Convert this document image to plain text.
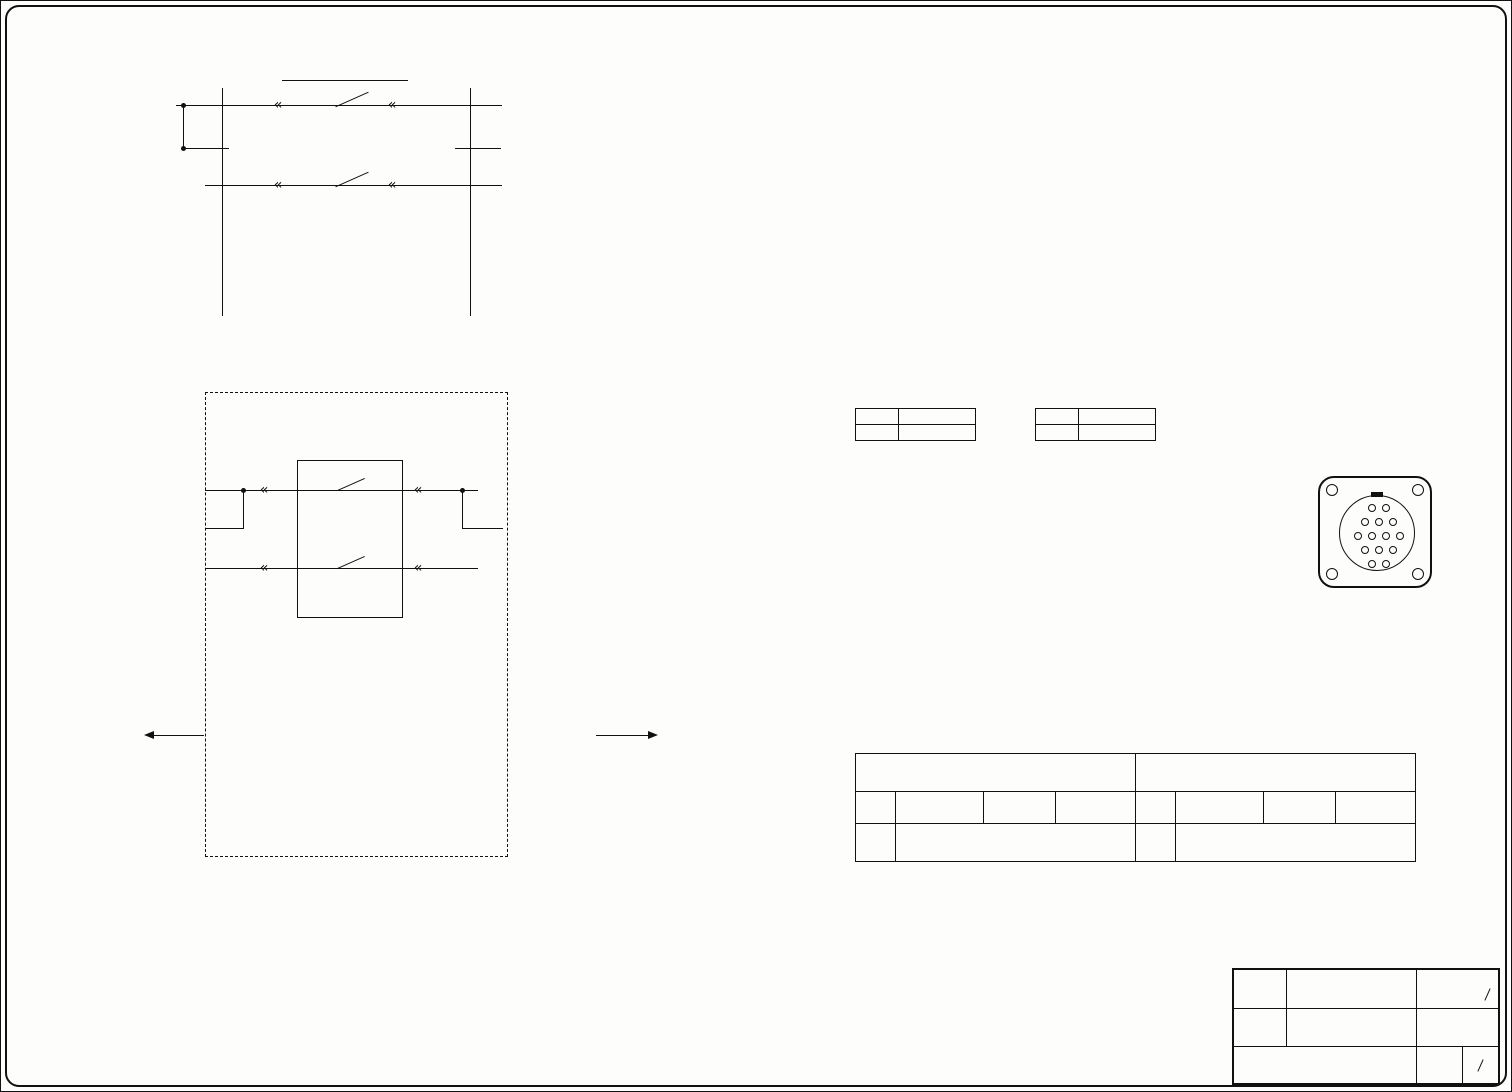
«
«
«
«
«
«
«
«
